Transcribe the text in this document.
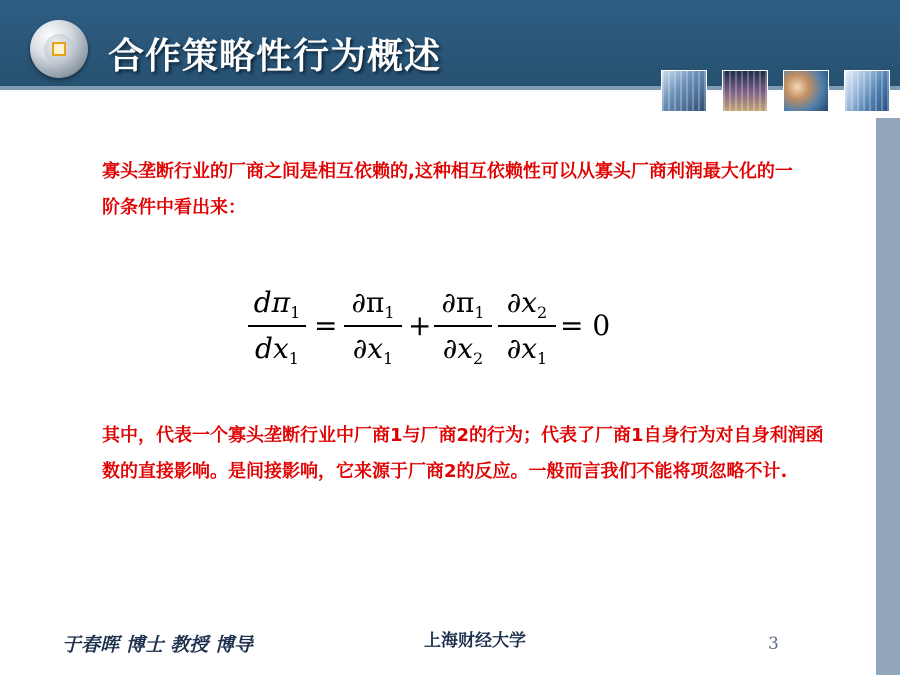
合作策略性行为概述
寡头垄断行业的厂商之间是相互依赖的,这种相互依赖性可以从寡头厂商利润最大化的一阶条件中看出来：
$d\pi_1$
$dx_1$
=
$\partial\pi_1$
$\partial x_1$
+
$\partial\pi_1$
$\partial x_2$
$\partial x_2$
$\partial x_1$
= 0
其中，代表一个寡头垄断行业中厂商1与厂商2的行为；代表了厂商1自身行为对自身利润函数的直接影响。是间接影响，它来源于厂商2的反应。一般而言我们不能将项忽略不计.
于春晖 博士 教授 博导	上海财经大学	3
